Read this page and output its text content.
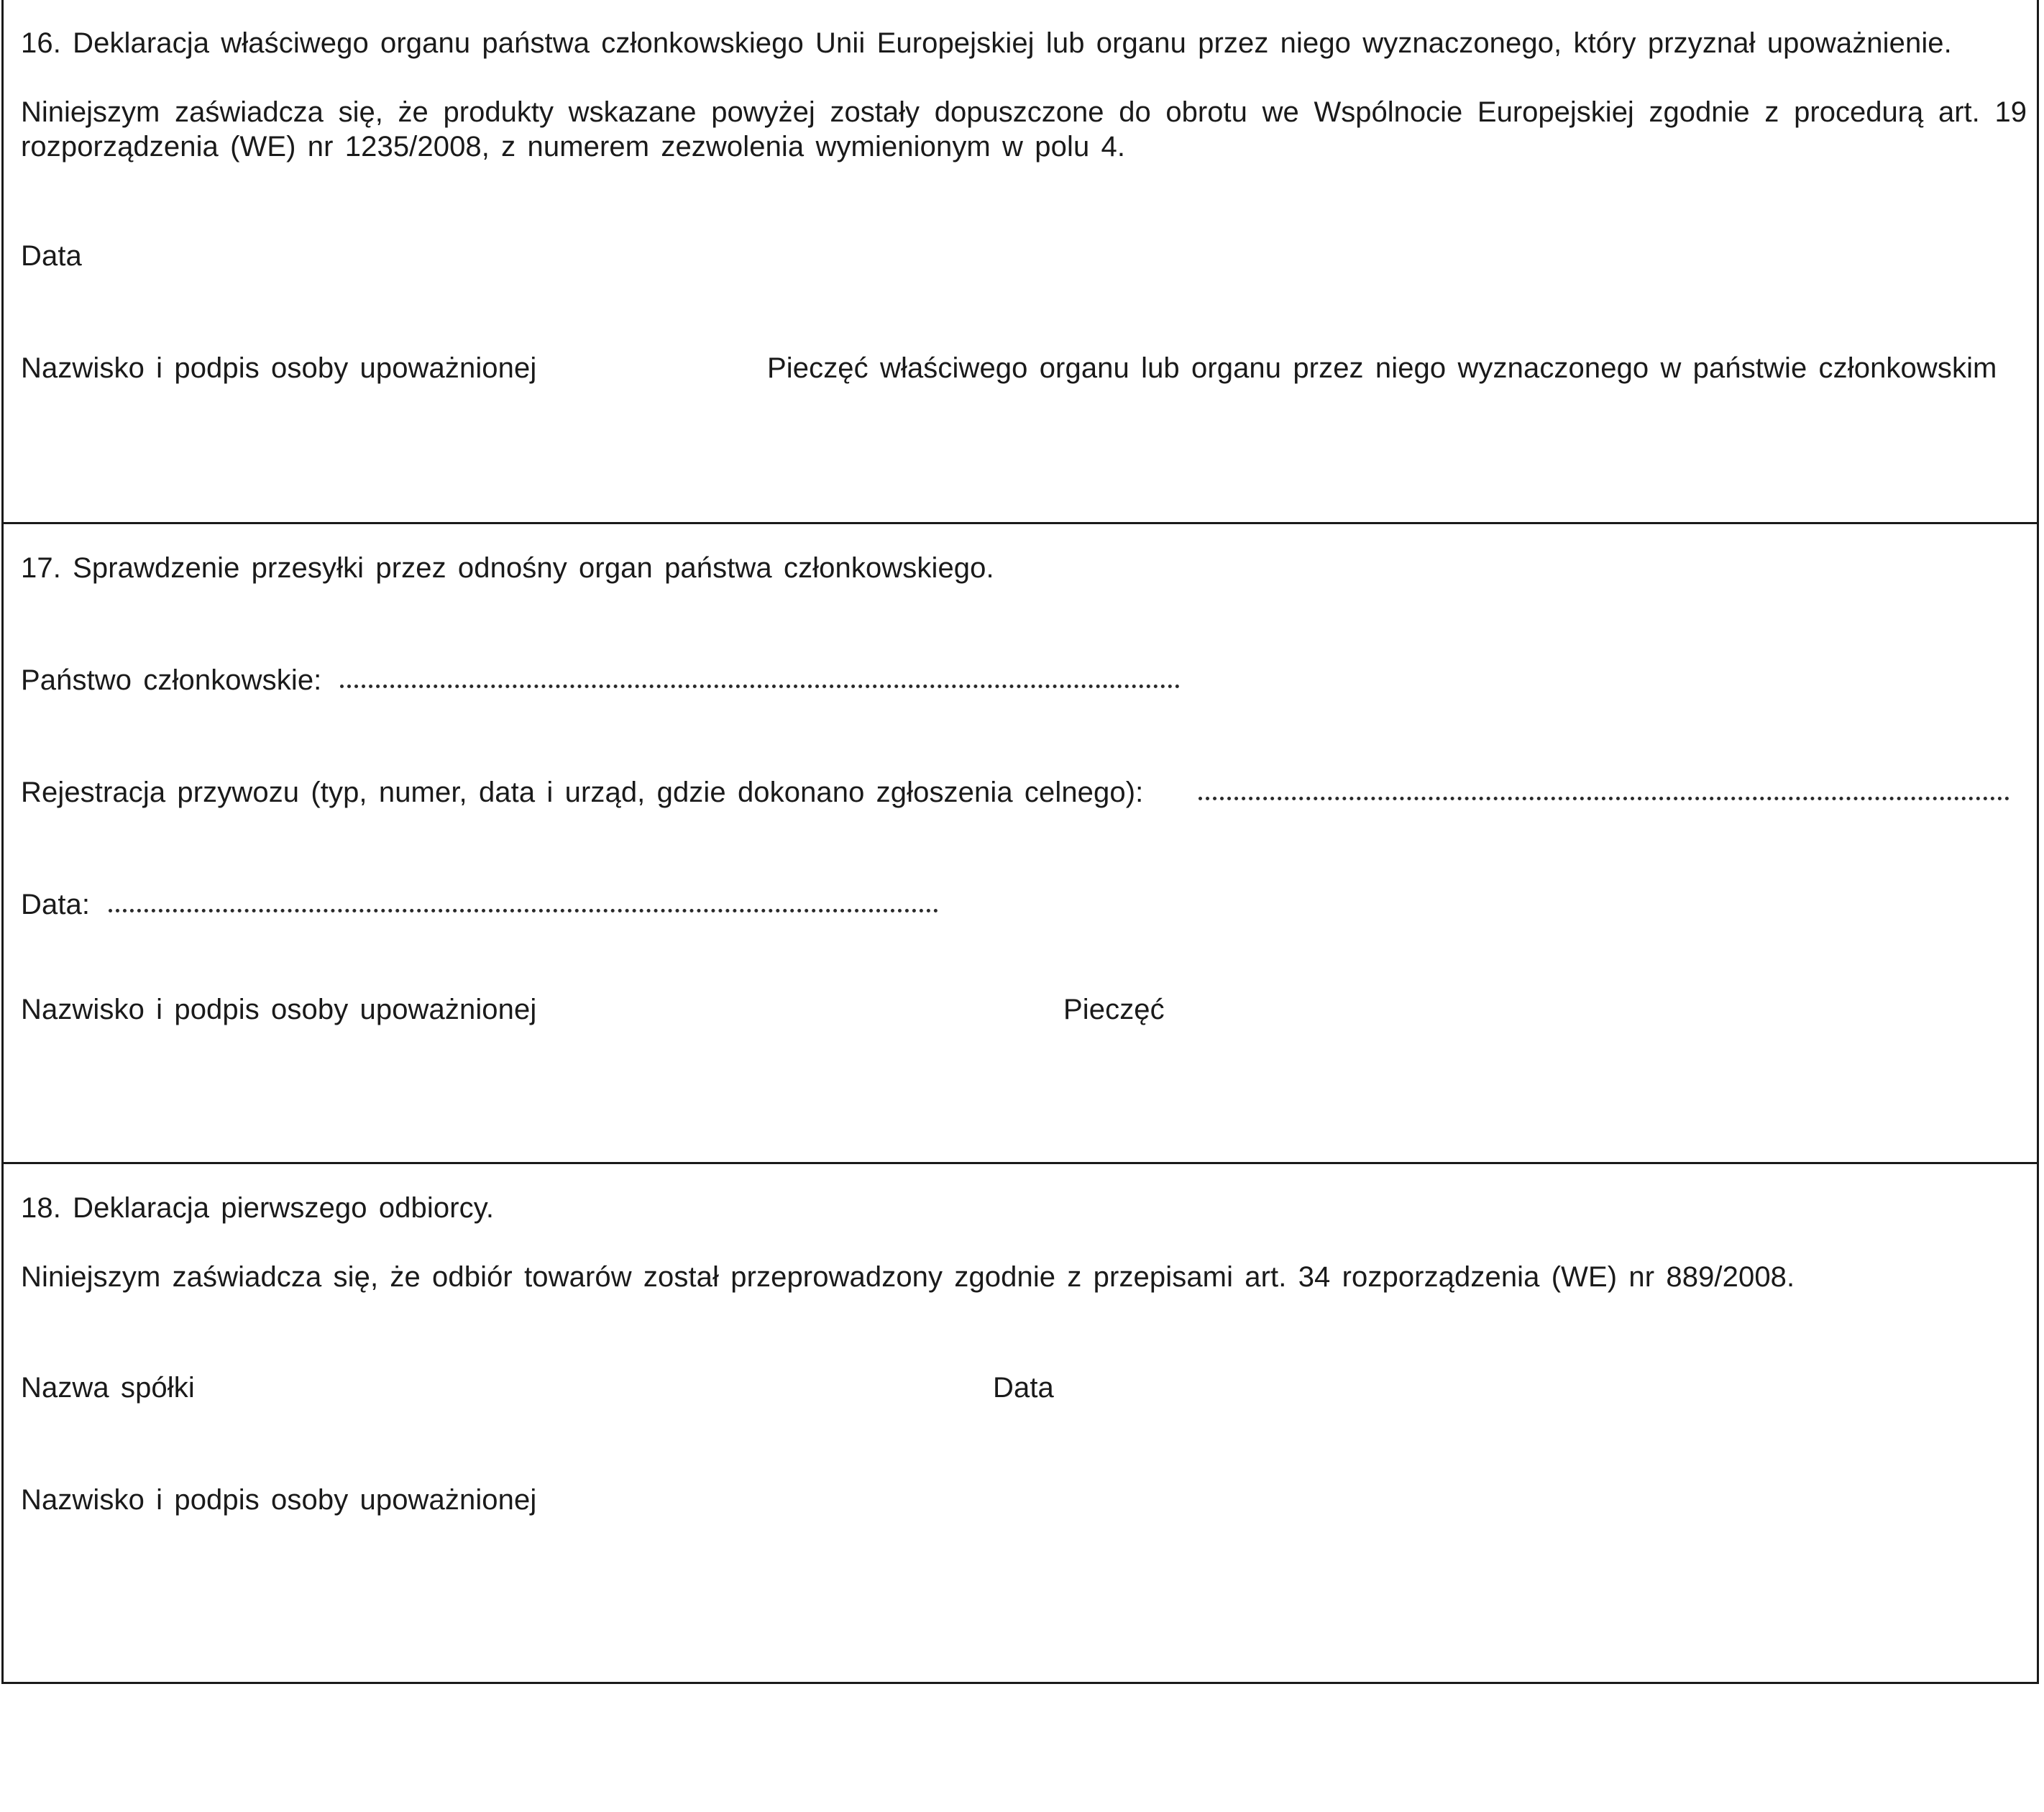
16. Deklaracja właściwego organu państwa członkowskiego Unii Europejskiej lub organu przez niego wyznaczonego, który przyznał upoważnienie.
Niniejszym zaświadcza się, że produkty wskazane powyżej zostały dopuszczone do obrotu we Wspólnocie Europejskiej zgodnie z procedurą art. 19
rozporządzenia (WE) nr 1235/2008, z numerem zezwolenia wymienionym w polu 4.
Data
Nazwisko i podpis osoby upoważnionej	Pieczęć właściwego organu lub organu przez niego wyznaczonego w państwie członkowskim
17. Sprawdzenie przesyłki przez odnośny organ państwa członkowskiego.
Państwo członkowskie:
Rejestracja przywozu (typ, numer, data i urząd, gdzie dokonano zgłoszenia celnego):
Data:
Nazwisko i podpis osoby upoważnionej	Pieczęć
18. Deklaracja pierwszego odbiorcy.
Niniejszym zaświadcza się, że odbiór towarów został przeprowadzony zgodnie z przepisami art. 34 rozporządzenia (WE) nr 889/2008.
Nazwa spółki	Data
Nazwisko i podpis osoby upoważnionej
